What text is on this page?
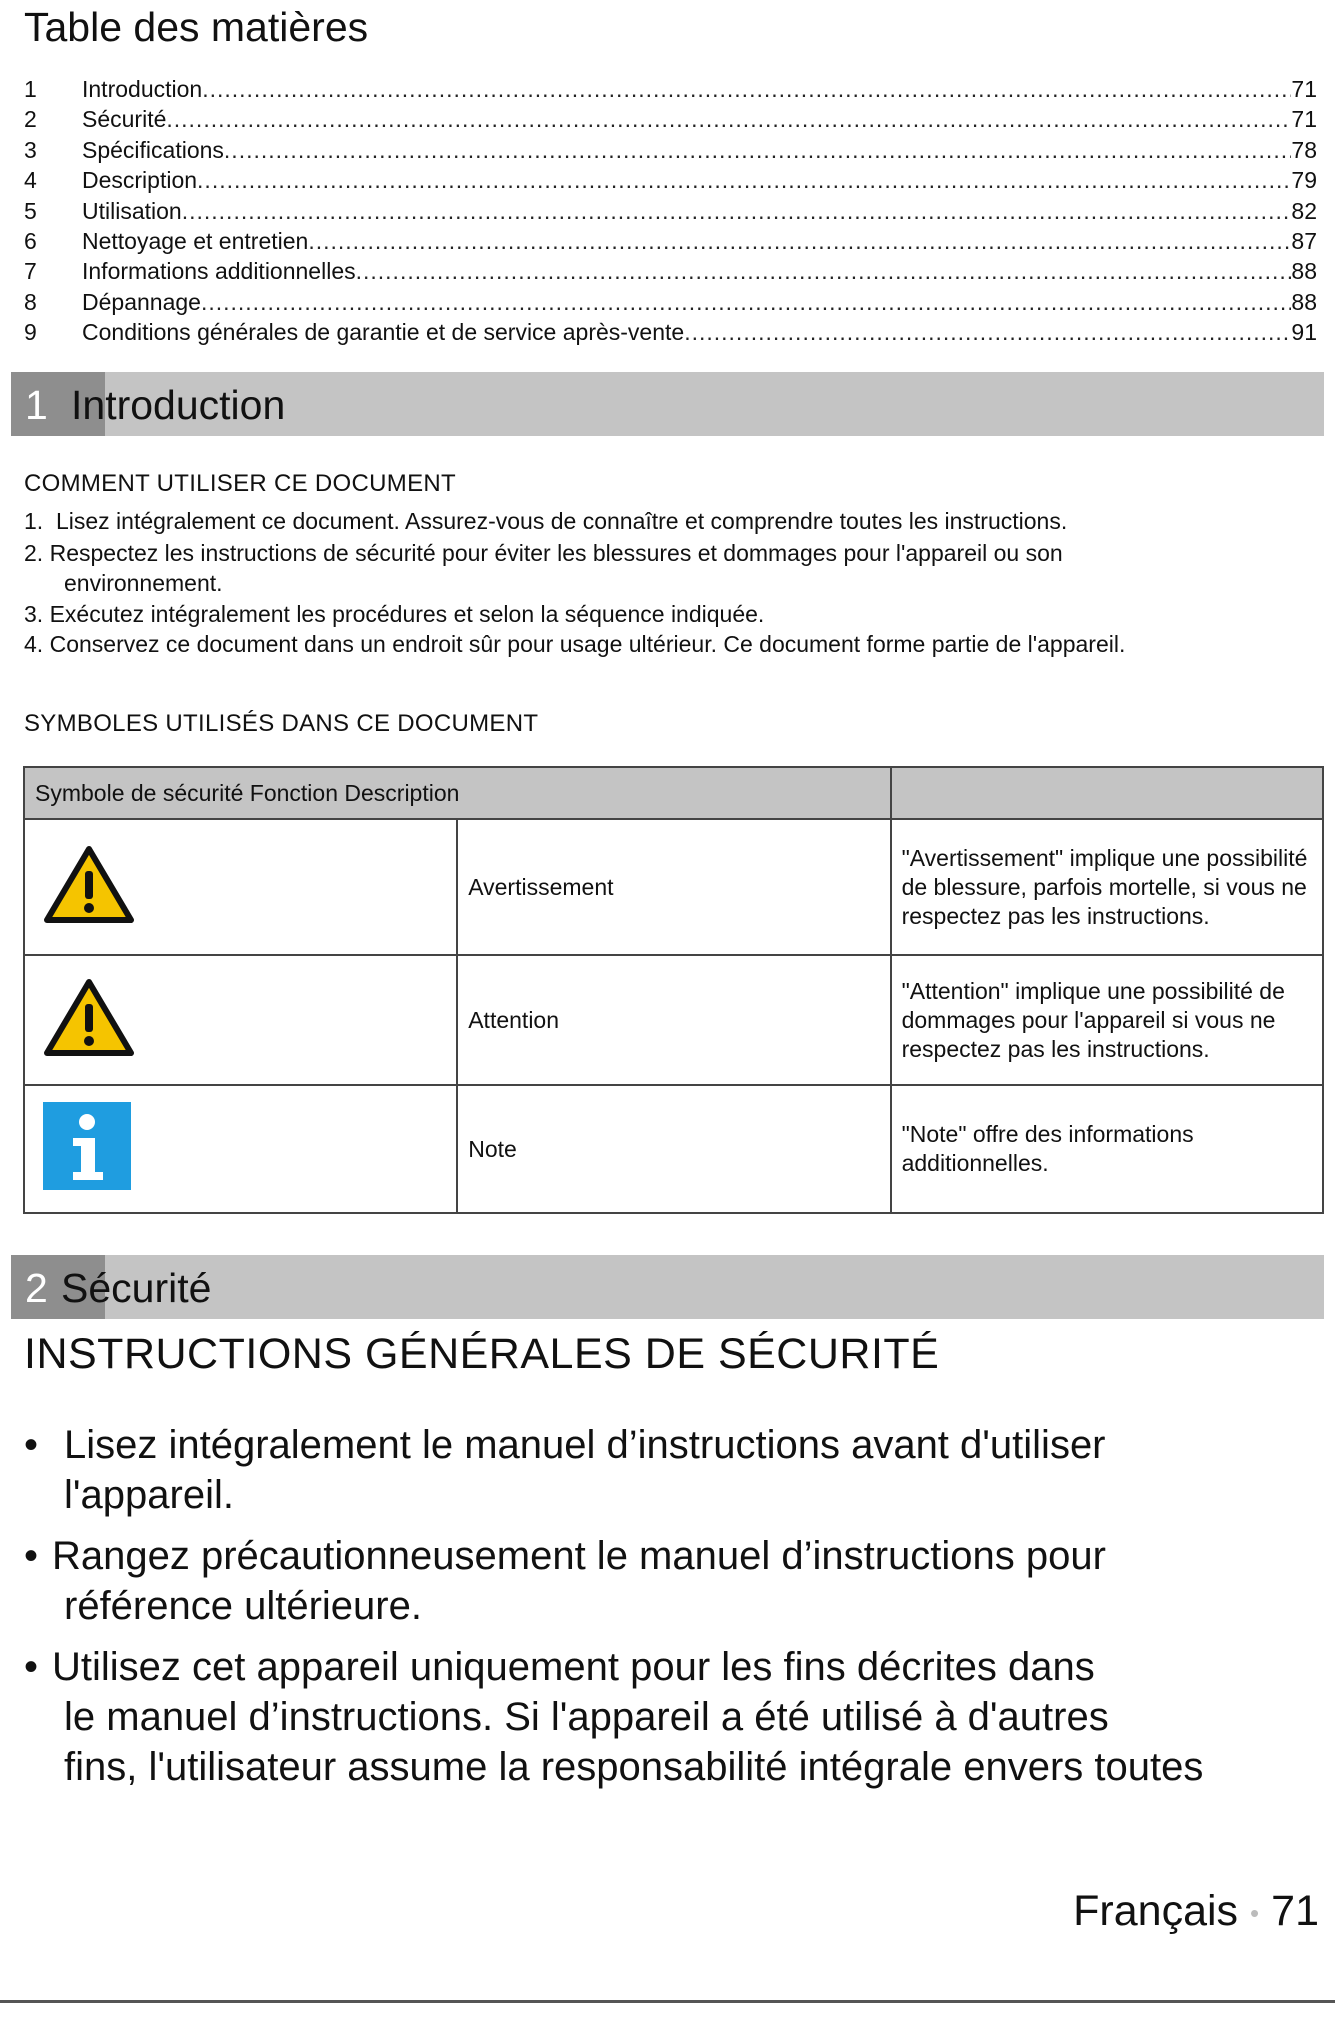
Table des matières
1 Introduction .....	71
2 Sécurité .....	71
3 Spécifications .....	78
4 Description .....	79
5 Utilisation .....	82
6 Nettoyage et entretien .....	87
7 Informations additionnelles .....	88
8 Dépannage .....	88
9 Conditions générales de garantie et de service après-vente .....	91
1 Introduction
COMMENT UTILISER CE DOCUMENT
1. Lisez intégralement ce document. Assurez-vous de connaître et comprendre toutes les instructions.
2. Respectez les instructions de sécurité pour éviter les blessures et dommages pour l'appareil ou son
environnement.
3. Exécutez intégralement les procédures et selon la séquence indiquée.
4. Conservez ce document dans un endroit sûr pour usage ultérieur. Ce document forme partie de l'appareil.
SYMBOLES UTILISÉS DANS CE DOCUMENT
Symbole de sécurité Fonction Description		
	Avertissement	"Avertissement" implique une possibilité de blessure, parfois mortelle, si vous ne respectez pas les instructions.
	Attention	"Attention" implique une possibilité de dommages pour l'appareil si vous ne respectez pas les instructions.
	Note	"Note" offre des informations additionnelles.
2 Sécurité
INSTRUCTIONS GÉNÉRALES DE SÉCURITÉ
• Lisez intégralement le manuel d’instructions avant d'utiliser
l'appareil.
• Rangez précautionneusement le manuel d’instructions pour
référence ultérieure.
• Utilisez cet appareil uniquement pour les fins décrites dans
le manuel d’instructions. Si l'appareil a été utilisé à d'autres
fins, l'utilisateur assume la responsabilité intégrale envers toutes
Français • 71
